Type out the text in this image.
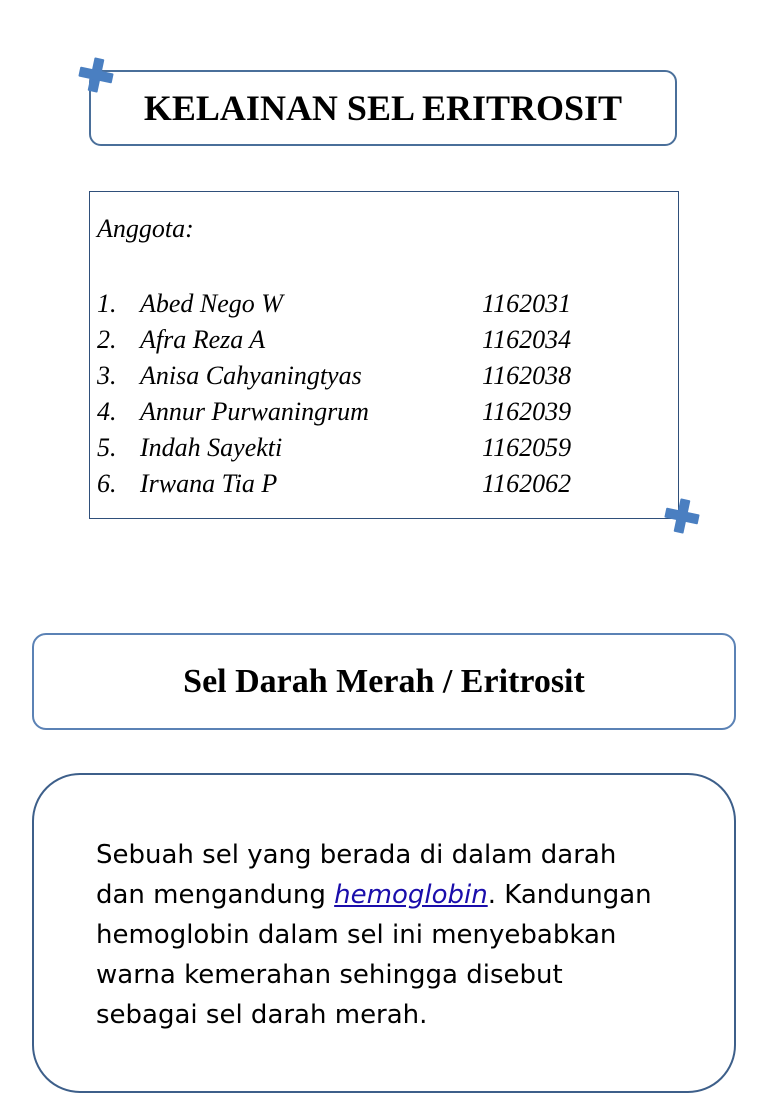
KELAINAN SEL ERITROSIT
Anggota:
1. Abed Nego W	1162031
2. Afra Reza A	1162034
3. Anisa Cahyaningtyas	1162038
4. Annur Purwaningrum	1162039
5. Indah Sayekti	1162059
6. Irwana Tia P	1162062
Sel Darah Merah / Eritrosit
Sebuah sel yang berada di dalam darah
dan mengandung hemoglobin. Kandungan
hemoglobin dalam sel ini menyebabkan
warna kemerahan sehingga disebut
sebagai sel darah merah.
